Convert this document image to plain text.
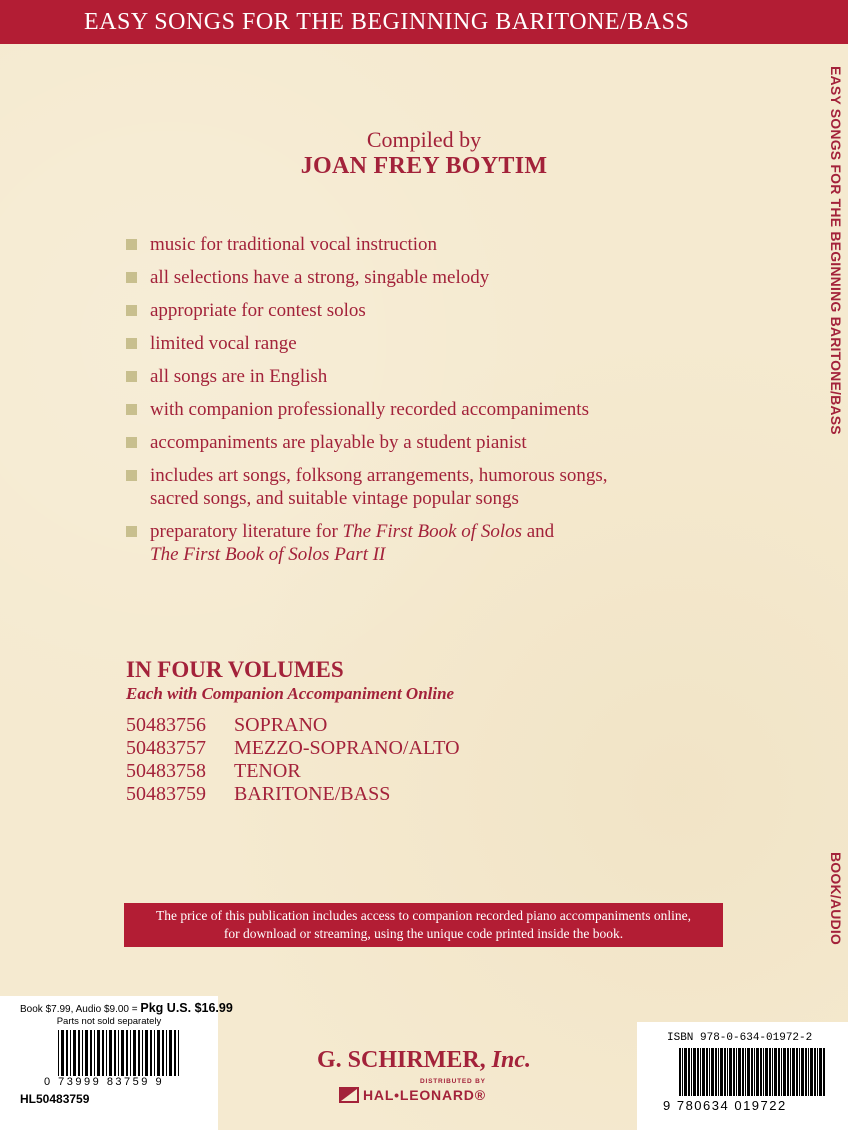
EASY SONGS FOR THE BEGINNING BARITONE/BASS
EASY SONGS FOR THE BEGINNING BARITONE/BASS
BOOK/AUDIO
Compiled by
JOAN FREY BOYTIM
music for traditional vocal instruction
all selections have a strong, singable melody
appropriate for contest solos
limited vocal range
all songs are in English
with companion professionally recorded accompaniments
accompaniments are playable by a student pianist
includes art songs, folksong arrangements, humorous songs,
sacred songs, and suitable vintage popular songs
preparatory literature for The First Book of Solos and
The First Book of Solos Part II
IN FOUR VOLUMES
Each with Companion Accompaniment Online
50483756	SOPRANO
50483757	MEZZO-SOPRANO/ALTO
50483758	TENOR
50483759	BARITONE/BASS
The price of this publication includes access to companion recorded piano accompaniments online,
for download or streaming, using the unique code printed inside the book.
Book $7.99, Audio $9.00 = Pkg U.S. $16.99
Parts not sold separately
0 73999 83759 9
HL50483759
ISBN 978-0-634-01972-2
9 780634 019722
G. SCHIRMER, Inc.
DISTRIBUTED BY
HAL•LEONARD®
